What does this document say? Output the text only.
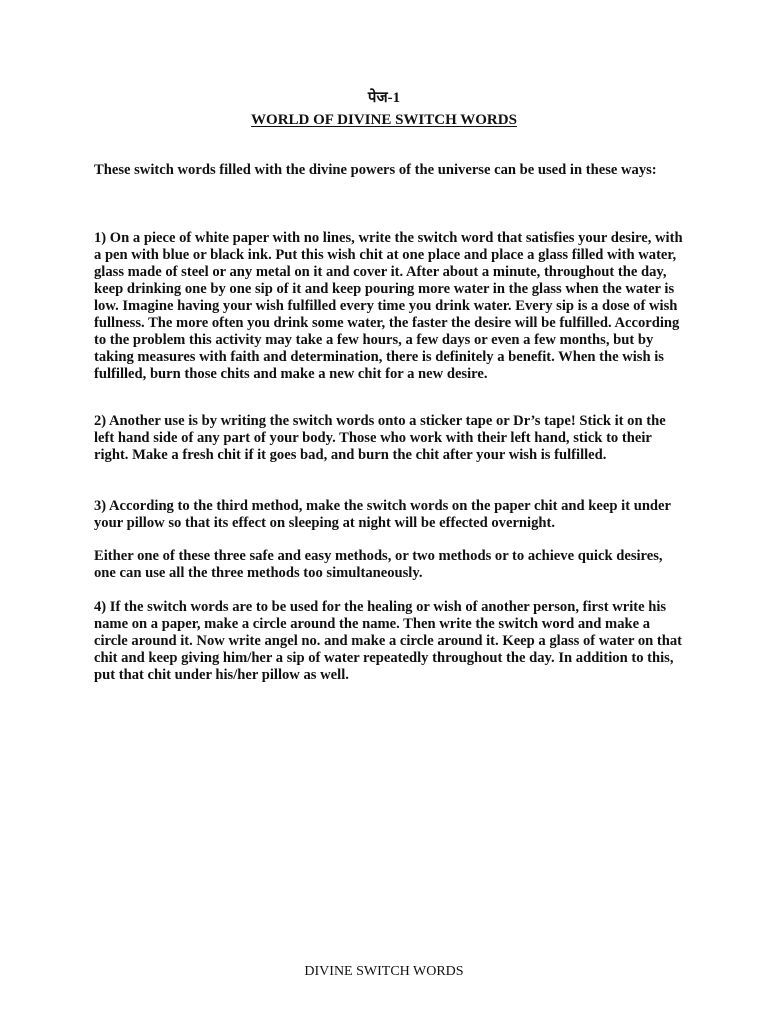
पेज-1
WORLD OF DIVINE SWITCH WORDS

These switch words filled with the divine powers of the universe can be used in these ways:

1) On a piece of white paper with no lines, write the switch word that satisfies your desire, with a pen with blue or black ink. Put this wish chit at one place and place a glass filled with water, glass made of steel or any metal on it and cover it. After about a minute, throughout the day, keep drinking one by one sip of it and keep pouring more water in the glass when the water is low. Imagine having your wish fulfilled every time you drink water. Every sip is a dose of wish fullness. The more often you drink some water, the faster the desire will be fulfilled. According to the problem this activity may take a few hours, a few days or even a few months, but by taking measures with faith and determination, there is definitely a benefit. When the wish is fulfilled, burn those chits and make a new chit for a new desire.

2) Another use is by writing the switch words onto a sticker tape or Dr’s tape! Stick it on the left hand side of any part of your body. Those who work with their left hand, stick to their right. Make a fresh chit if it goes bad, and burn the chit after your wish is fulfilled.

3) According to the third method, make the switch words on the paper chit and keep it under your pillow so that its effect on sleeping at night will be effected overnight.

Either one of these three safe and easy methods, or two methods or to achieve quick desires, one can use all the three methods too simultaneously.

4) If the switch words are to be used for the healing or wish of another person, first write his name on a paper, make a circle around the name. Then write the switch word and make a circle around it. Now write angel no. and make a circle around it. Keep a glass of water on that chit and keep giving him/her a sip of water repeatedly throughout the day. In addition to this, put that chit under his/her pillow as well.

DIVINE SWITCH WORDS
